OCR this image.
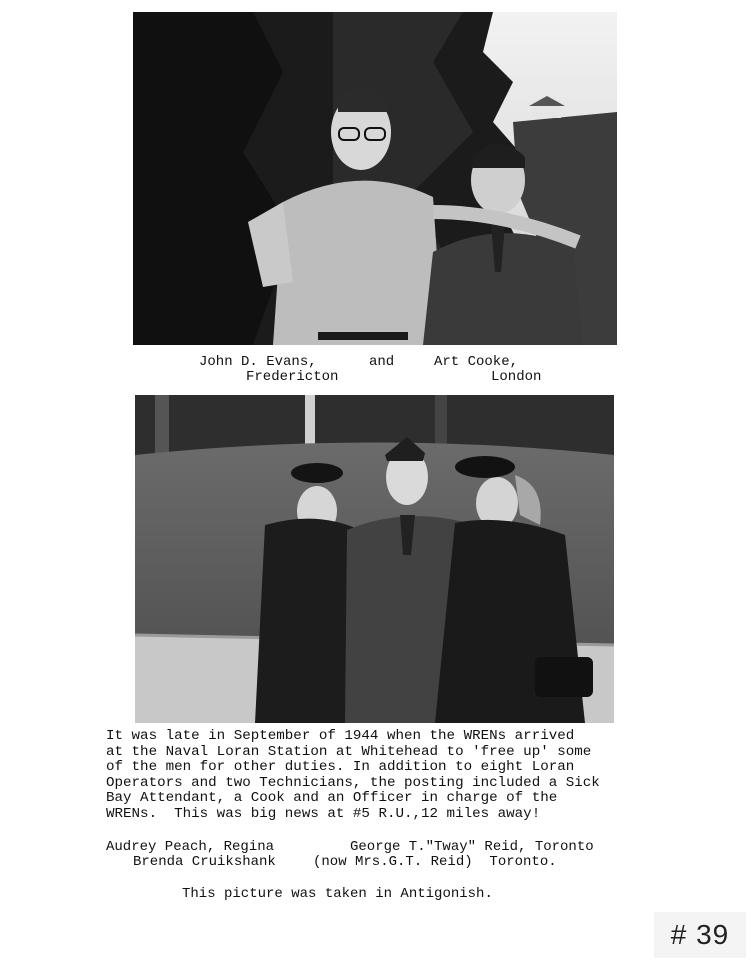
John D. Evans,	and	Art Cooke,
Fredericton	London
It was late in September of 1944 when the WRENs arrived
at the Naval Loran Station at Whitehead to 'free up' some
of the men for other duties. In addition to eight Loran
Operators and two Technicians, the posting included a Sick
Bay Attendant, a Cook and an Officer in charge of the
WRENs.  This was big news at #5 R.U.,12 miles away!
Audrey Peach, Regina	George T."Tway" Reid, Toronto
Brenda Cruikshank	(now Mrs.G.T. Reid)  Toronto.
This picture was taken in Antigonish.
# 39
